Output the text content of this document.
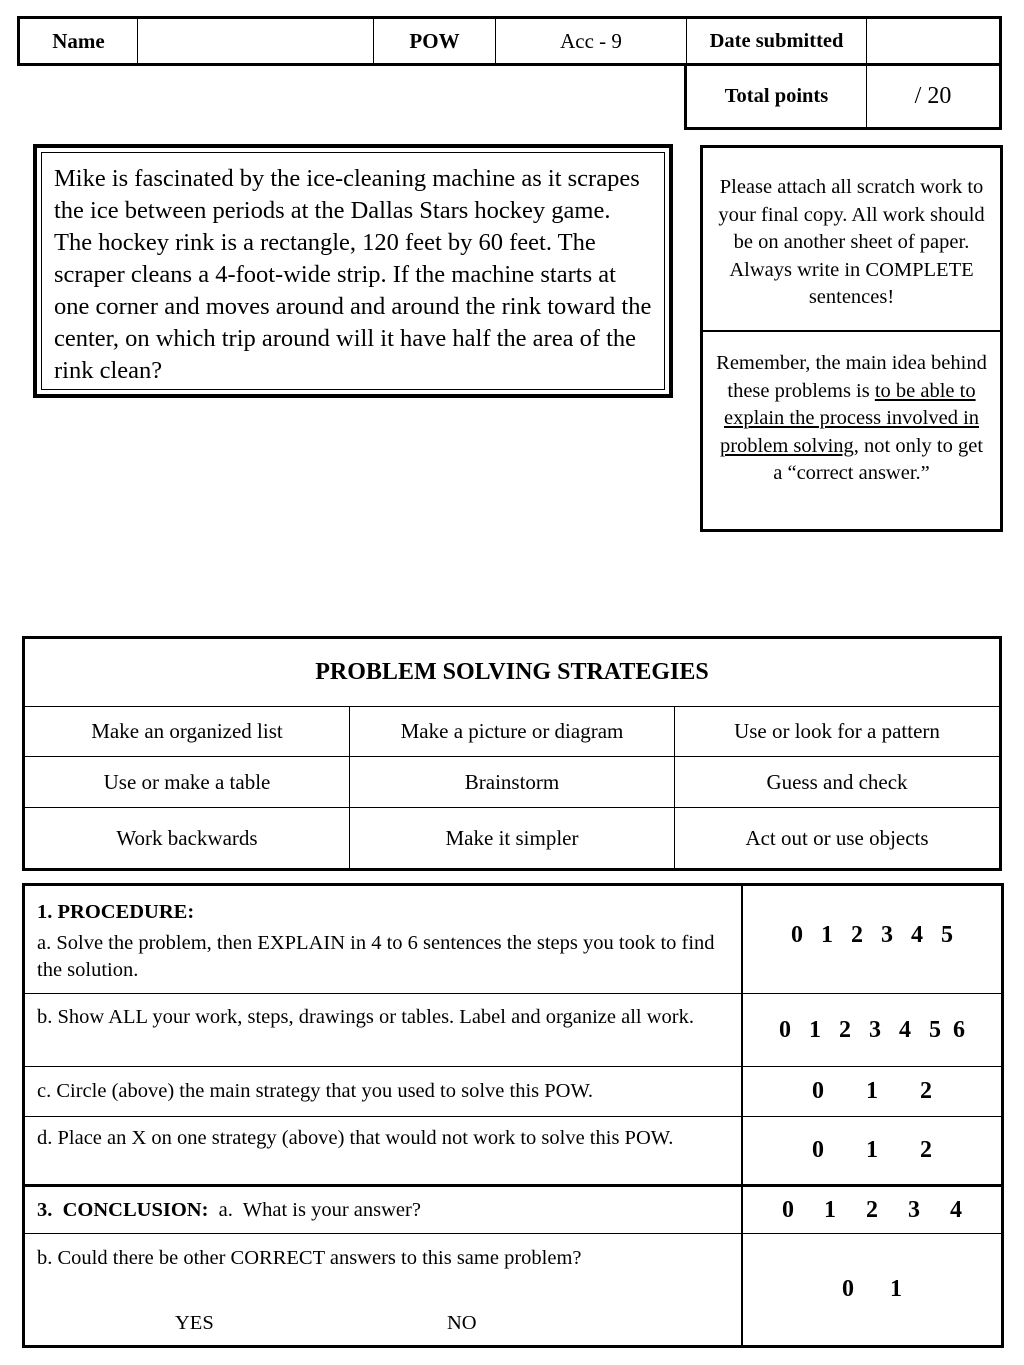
Name	POW	Acc - 9	Date submitted
Total points	/ 20
Mike is fascinated by the ice-cleaning machine as it scrapes the ice between periods at the Dallas Stars hockey game. The hockey rink is a rectangle, 120 feet by 60 feet. The scraper cleans a 4-foot-wide strip. If the machine starts at one corner and moves around and around the rink toward the center, on which trip around will it have half the area of the rink clean?
Please attach all scratch work to your final copy. All work should be on another sheet of paper. Always write in COMPLETE sentences!
Remember, the main idea behind these problems is to be able to explain the process involved in problem solving, not only to get a “correct answer.”
PROBLEM SOLVING STRATEGIES
Make an organized list	Make a picture or diagram	Use or look for a pattern
Use or make a table	Brainstorm	Guess and check
Work backwards	Make it simpler	Act out or use objects
1. PROCEDURE:
a. Solve the problem, then EXPLAIN in 4 to 6 sentences the steps you took to find the solution.
0   1   2   3   4   5
b. Show ALL your work, steps, drawings or tables. Label and organize all work.	0   1   2   3   4   5  6
c. Circle (above) the main strategy that you used to solve this POW.	0       1       2
d. Place an X on one strategy (above) that would not work to solve this POW.	0       1       2
3.  CONCLUSION: a.  What is your answer?	0     1     2     3     4
b. Could there be other CORRECT answers to this same problem?
YES	NO
0      1
